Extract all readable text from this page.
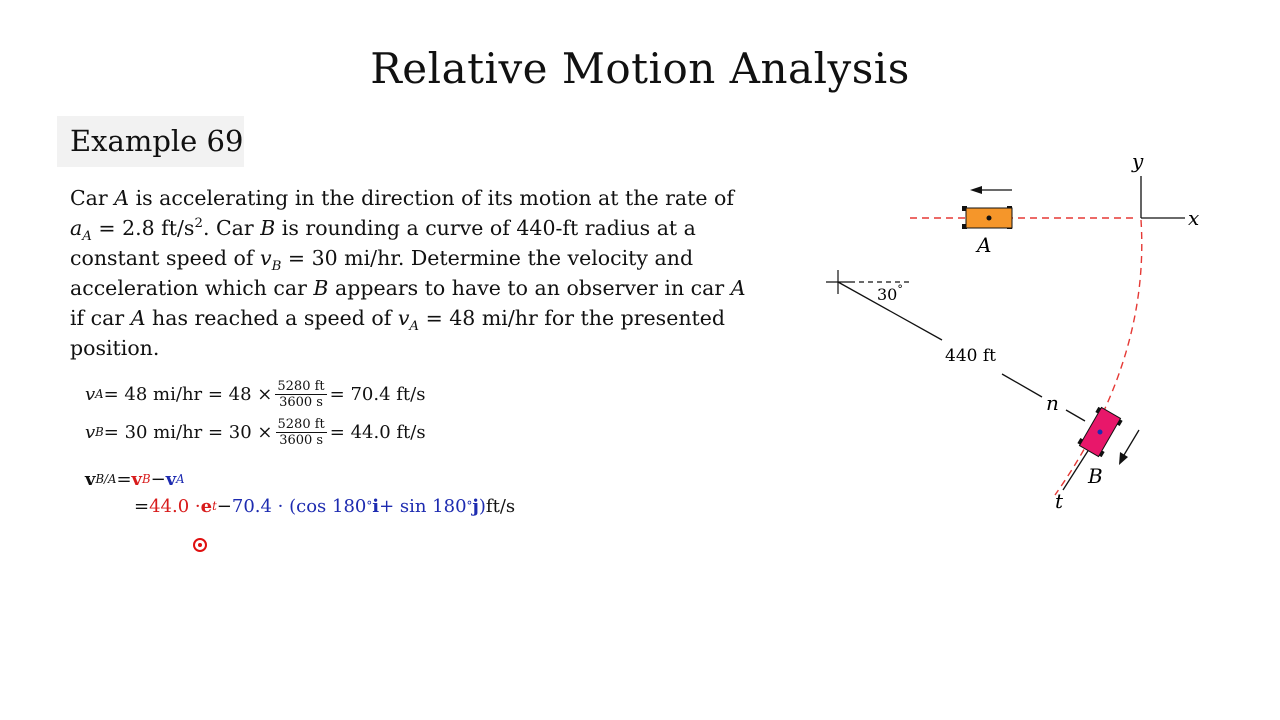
Relative Motion Analysis
Example 69
Car A is accelerating in the direction of its motion at the rate of
$a_A = 2.8$ $ft/s^2$. Car B is rounding a curve of 440-ft radius at a
constant speed of $v_B = 30$ mi/hr. Determine the velocity and
acceleration which car B appears to have to an observer in car A
if car A has reached a speed of $v_A = 48$ mi/hr for the presented
position.
v A = 48 $mi/hr = 48 \times \frac{5280 ft}{3600 s} = 70.4$ ft/s
v B = 30 $mi/hr = 30 \times \frac{5280 ft}{3600 s} = 44.0$ ft/s
v B/A = v B − v A
= 44.0 · e t − 70.4 · (cos 180 ° i + sin 180 ° j ) ft/s
y
x
A
30°
440 ft
n
t
B
